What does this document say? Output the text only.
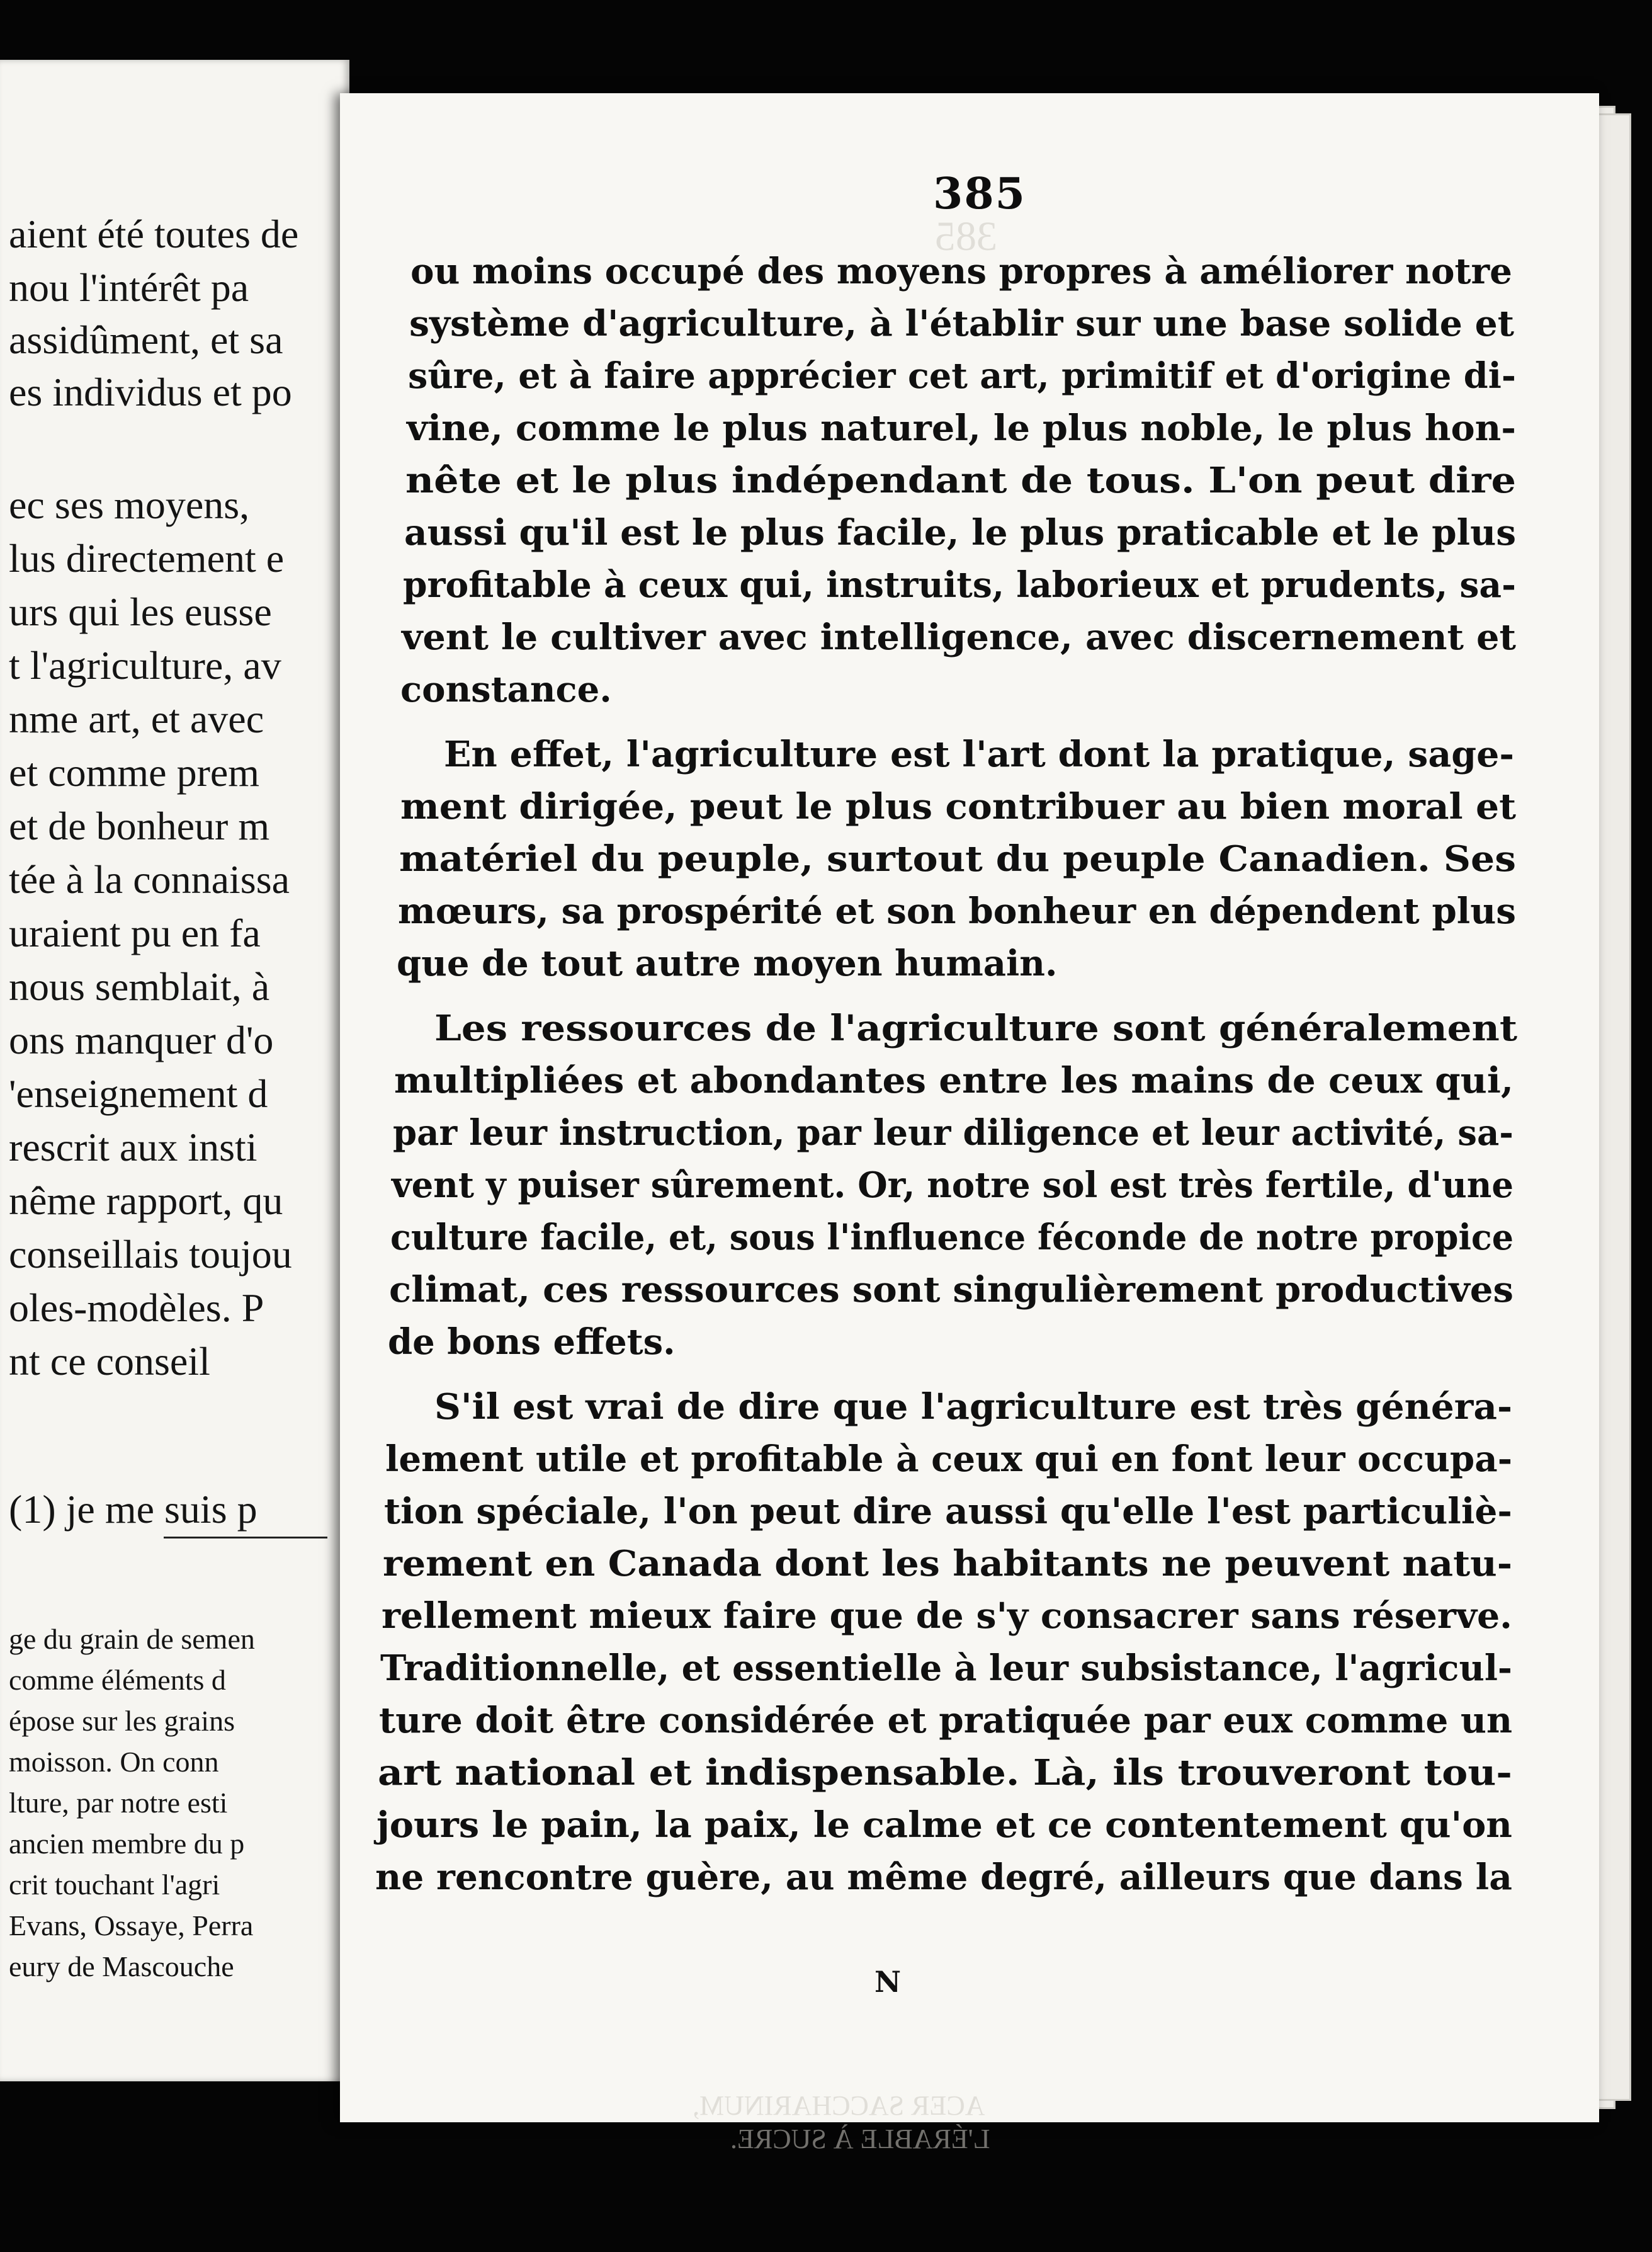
aient été toutes de
nou l'intérêt pa
assidûment, et sa
es individus et po
ec ses moyens,
lus directement e
urs qui les eusse
t l'agriculture, av
nme art, et avec
et comme prem
et de bonheur m
tée à la connaissa
uraient pu en fa
nous semblait, à
ons manquer d'o
'enseignement d
rescrit aux insti
nême rapport, qu
conseillais toujou
oles-modèles. P
nt ce conseil
(1) je me suis p
ge du grain de semen
comme éléments d
épose sur les grains
moisson. On conn
lture, par notre esti
ancien membre du p
crit touchant l'agri
Evans, Ossaye, Perra
eury de Mascouche
385
ACER SACCHARINUM,
L'ÉRABLE À SUCRE.
385
ou moins occupé des moyens propres à améliorer notre
système d'agriculture, à l'établir sur une base solide et
sûre, et à faire apprécier cet art, primitif et d'origine di-
vine, comme le plus naturel, le plus noble, le plus hon-
nête et le plus indépendant de tous. L'on peut dire
aussi qu'il est le plus facile, le plus praticable et le plus
profitable à ceux qui, instruits, laborieux et prudents, sa-
vent le cultiver avec intelligence, avec discernement et
constance.
En effet, l'agriculture est l'art dont la pratique, sage-
ment dirigée, peut le plus contribuer au bien moral et
matériel du peuple, surtout du peuple Canadien. Ses
mœurs, sa prospérité et son bonheur en dépendent plus
que de tout autre moyen humain.
Les ressources de l'agriculture sont généralement
multipliées et abondantes entre les mains de ceux qui,
par leur instruction, par leur diligence et leur activité, sa-
vent y puiser sûrement. Or, notre sol est très fertile, d'une
culture facile, et, sous l'influence féconde de notre propice
climat, ces ressources sont singulièrement productives
de bons effets.
S'il est vrai de dire que l'agriculture est très généra-
lement utile et profitable à ceux qui en font leur occupa-
tion spéciale, l'on peut dire aussi qu'elle l'est particuliè-
rement en Canada dont les habitants ne peuvent natu-
rellement mieux faire que de s'y consacrer sans réserve.
Traditionnelle, et essentielle à leur subsistance, l'agricul-
ture doit être considérée et pratiquée par eux comme un
art national et indispensable. Là, ils trouveront tou-
jours le pain, la paix, le calme et ce contentement qu'on
ne rencontre guère, au même degré, ailleurs que dans la
N
